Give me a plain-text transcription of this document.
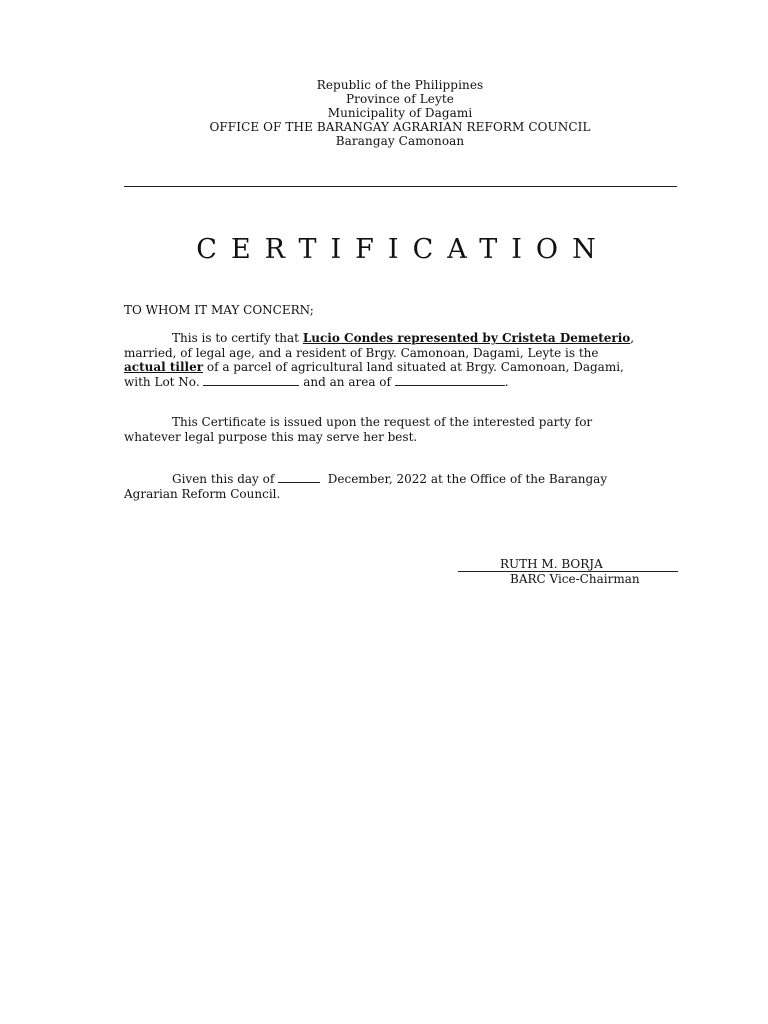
Republic of the Philippines
Province of Leyte
Municipality of Dagami
OFFICE OF THE BARANGAY AGRARIAN REFORM COUNCIL
Barangay Camonoan
CERTIFICATION
TO WHOM IT MAY CONCERN;
This is to certify that Lucio Condes represented by Cristeta Demeterio,
married, of legal age, and a resident of Brgy. Camonoan, Dagami, Leyte is the
actual tiller of a parcel of agricultural land situated at Brgy. Camonoan, Dagami,
with Lot No.	and an area of	.
This Certificate is issued upon the request of the interested party for
whatever legal purpose this may serve her best.
Given this day of	December, 2022 at the Office of the Barangay
Agrarian Reform Council.
RUTH M. BORJA
BARC Vice-Chairman
